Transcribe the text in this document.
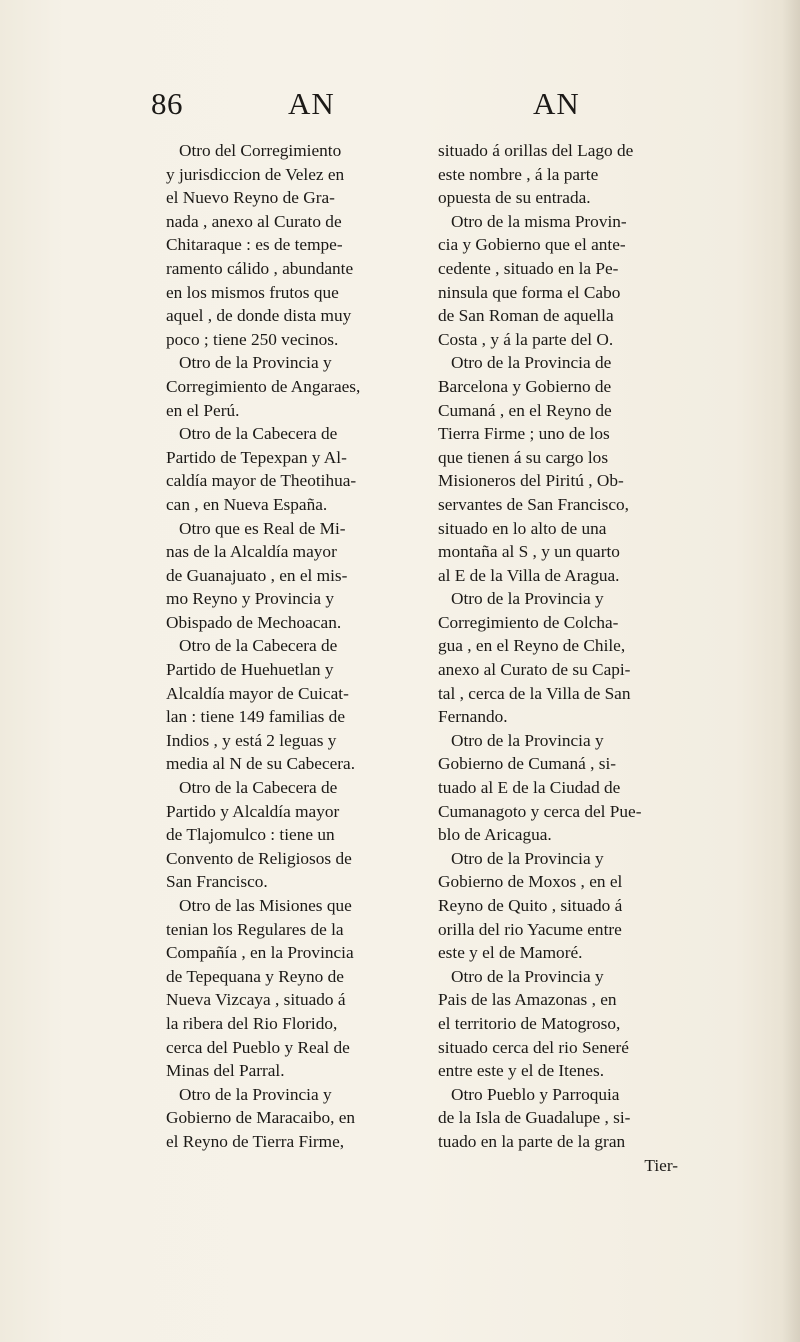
86	AN	AN
Otro del Corregimiento
y jurisdiccion de Velez en
el Nuevo Reyno de Gra-
nada , anexo al Curato de
Chitaraque : es de tempe-
ramento cálido , abundante
en los mismos frutos que
aquel , de donde dista muy
poco ; tiene 250 vecinos.
Otro de la Provincia y
Corregimiento de Angaraes,
en el Perú.
Otro de la Cabecera de
Partido de Tepexpan y Al-
caldía mayor de Theotihua-
can , en Nueva España.
Otro que es Real de Mi-
nas de la Alcaldía mayor
de Guanajuato , en el mis-
mo Reyno y Provincia y
Obispado de Mechoacan.
Otro de la Cabecera de
Partido de Huehuetlan y
Alcaldía mayor de Cuicat-
lan : tiene 149 familias de
Indios , y está 2 leguas y
media al N de su Cabecera.
Otro de la Cabecera de
Partido y Alcaldía mayor
de Tlajomulco : tiene un
Convento de Religiosos de
San Francisco.
Otro de las Misiones que
tenian los Regulares de la
Compañía , en la Provincia
de Tepequana y Reyno de
Nueva Vizcaya , situado á
la ribera del Rio Florido,
cerca del Pueblo y Real de
Minas del Parral.
Otro de la Provincia y
Gobierno de Maracaibo, en
el Reyno de Tierra Firme,
situado á orillas del Lago de
este nombre , á la parte
opuesta de su entrada.
Otro de la misma Provin-
cia y Gobierno que el ante-
cedente , situado en la Pe-
ninsula que forma el Cabo
de San Roman de aquella
Costa , y á la parte del O.
Otro de la Provincia de
Barcelona y Gobierno de
Cumaná , en el Reyno de
Tierra Firme ; uno de los
que tienen á su cargo los
Misioneros del Piritú , Ob-
servantes de San Francisco,
situado en lo alto de una
montaña al S , y un quarto
al E de la Villa de Aragua.
Otro de la Provincia y
Corregimiento de Colcha-
gua , en el Reyno de Chile,
anexo al Curato de su Capi-
tal , cerca de la Villa de San
Fernando.
Otro de la Provincia y
Gobierno de Cumaná , si-
tuado al E de la Ciudad de
Cumanagoto y cerca del Pue-
blo de Aricagua.
Otro de la Provincia y
Gobierno de Moxos , en el
Reyno de Quito , situado á
orilla del rio Yacume entre
este y el de Mamoré.
Otro de la Provincia y
Pais de las Amazonas , en
el territorio de Matogroso,
situado cerca del rio Seneré
entre este y el de Itenes.
Otro Pueblo y Parroquia
de la Isla de Guadalupe , si-
tuado en la parte de la gran
Tier-
